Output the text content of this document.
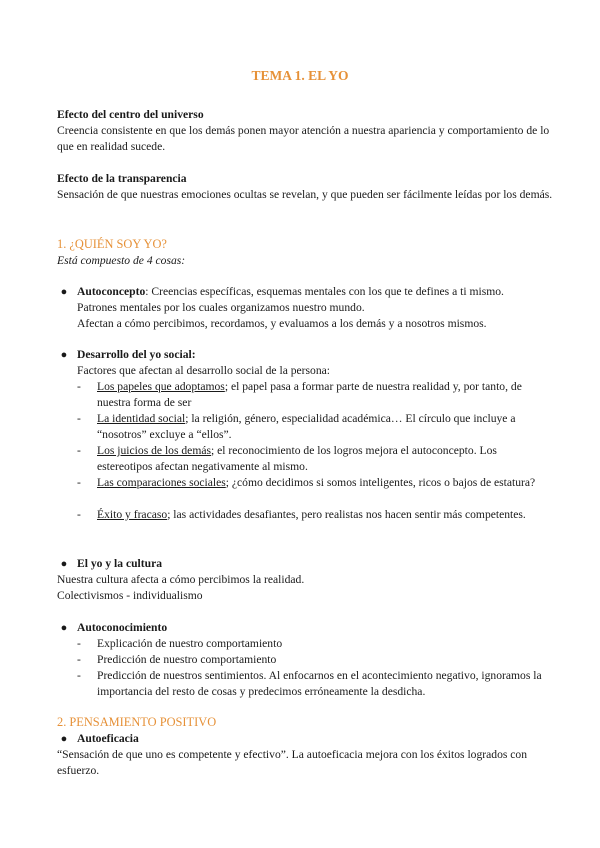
TEMA 1. EL YO

Efecto del centro del universo

Creencia consistente en que los demás ponen mayor atención a nuestra apariencia y comportamiento de lo que en realidad sucede.

Efecto de la transparencia

Sensación de que nuestras emociones ocultas se revelan, y que pueden ser fácilmente leídas por los demás.

1. ¿QUIÉN SOY YO?

Está compuesto de 4 cosas:

● Autoconcepto: Creencias específicas, esquemas mentales con los que te defines a ti mismo.
Patrones mentales por los cuales organizamos nuestro mundo.
Afectan a cómo percibimos, recordamos, y evaluamos a los demás y a nosotros mismos.
● Desarrollo del yo social:
Factores que afectan al desarrollo social de la persona:
-	Los papeles que adoptamos; el papel pasa a formar parte de nuestra realidad y, por tanto, de nuestra forma de ser
-	La identidad social; la religión, género, especialidad académica… El círculo que incluye a “nosotros” excluye a “ellos”.
-	Los juicios de los demás; el reconocimiento de los logros mejora el autoconcepto. Los estereotipos afectan negativamente al mismo.
-	Las comparaciones sociales; ¿cómo decidimos si somos inteligentes, ricos o bajos de estatura?
-	Éxito y fracaso; las actividades desafiantes, pero realistas nos hacen sentir más competentes.
● El yo y la cultura

Nuestra cultura afecta a cómo percibimos la realidad.

Colectivismos - individualismo

● Autoconocimiento
-	Explicación de nuestro comportamiento
-	Predicción de nuestro comportamiento
-	Predicción de nuestros sentimientos. Al enfocarnos en el acontecimiento negativo, ignoramos la importancia del resto de cosas y predecimos erróneamente la desdicha.

2. PENSAMIENTO POSITIVO

● Autoeficacia

“Sensación de que uno es competente y efectivo”. La autoeficacia mejora con los éxitos logrados con esfuerzo.
